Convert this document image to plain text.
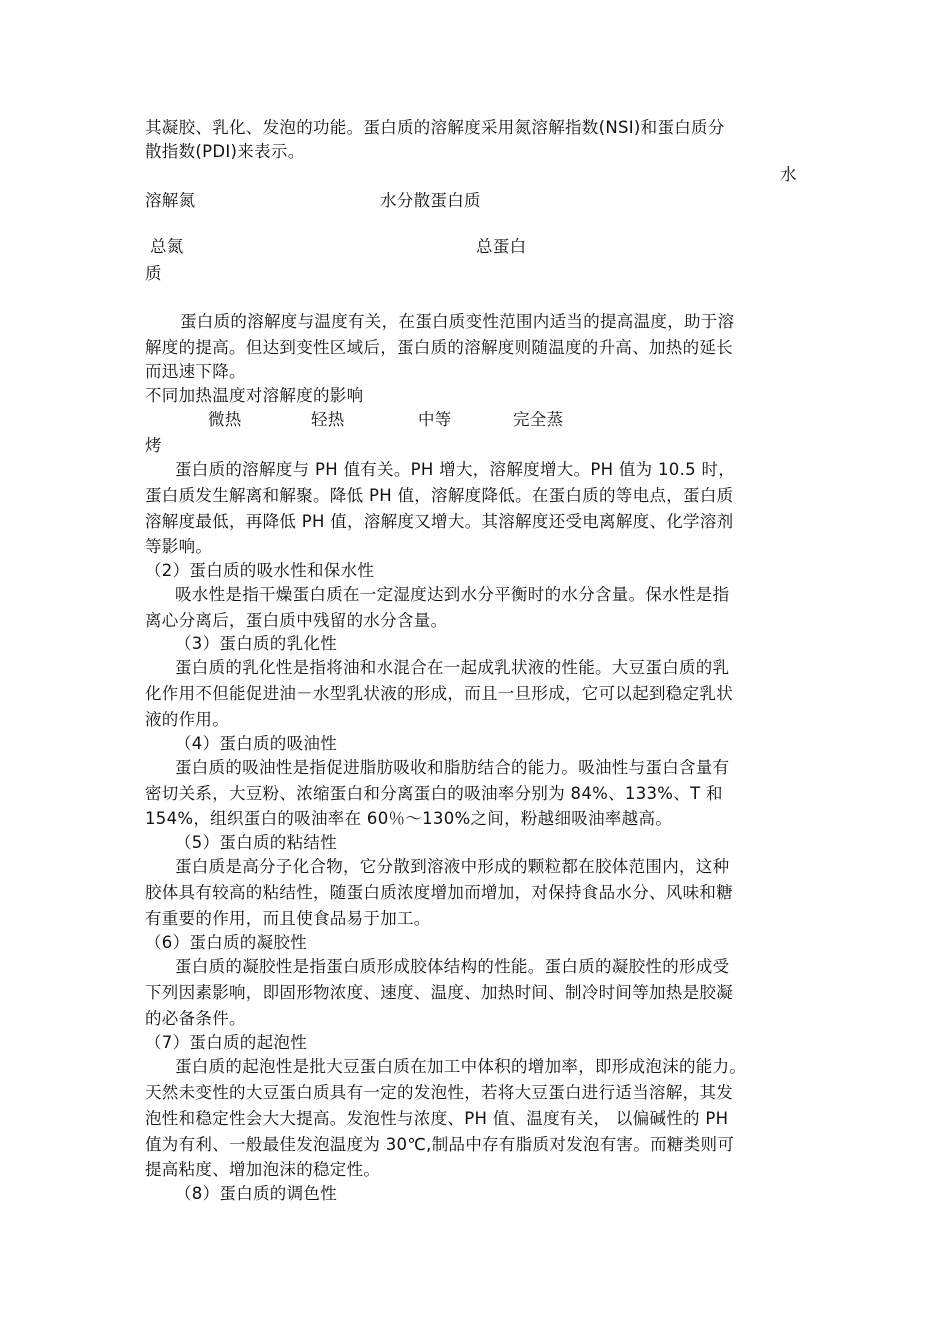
其凝胶、乳化、发泡的功能。蛋白质的溶解度采用氮溶解指数(NSI)和蛋白质分
散指数(PDI)来表示。
水
溶解氮	水分散蛋白质
总氮	总蛋白
质
蛋白质的溶解度与温度有关，在蛋白质变性范围内适当的提高温度，助于溶
解度的提高。但达到变性区域后，蛋白质的溶解度则随温度的升高、加热的延长
而迅速下降。
不同加热温度对溶解度的影响
微热	轻热	中等	完全蒸
烤
蛋白质的溶解度与 PH 值有关。PH 增大，溶解度增大。PH 值为 10.5 时，
蛋白质发生解离和解聚。降低 PH 值，溶解度降低。在蛋白质的等电点，蛋白质
溶解度最低，再降低 PH 值，溶解度又增大。其溶解度还受电离解度、化学溶剂
等影响。
（2）蛋白质的吸水性和保水性
吸水性是指干燥蛋白质在一定湿度达到水分平衡时的水分含量。保水性是指
离心分离后，蛋白质中残留的水分含量。
（3）蛋白质的乳化性
蛋白质的乳化性是指将油和水混合在一起成乳状液的性能。大豆蛋白质的乳
化作用不但能促进油－水型乳状液的形成，而且一旦形成，它可以起到稳定乳状
液的作用。
（4）蛋白质的吸油性
蛋白质的吸油性是指促进脂肪吸收和脂肪结合的能力。吸油性与蛋白含量有
密切关系，大豆粉、浓缩蛋白和分离蛋白的吸油率分别为 84%、133%、T 和
154%，组织蛋白的吸油率在 60％～130%之间，粉越细吸油率越高。
（5）蛋白质的粘结性
蛋白质是高分子化合物，它分散到溶液中形成的颗粒都在胶体范围内，这种
胶体具有较高的粘结性，随蛋白质浓度增加而增加，对保持食品水分、风味和糖
有重要的作用，而且使食品易于加工。
（6）蛋白质的凝胶性
蛋白质的凝胶性是指蛋白质形成胶体结构的性能。蛋白质的凝胶性的形成受
下列因素影响，即固形物浓度、速度、温度、加热时间、制冷时间等加热是胶凝
的必备条件。
（7）蛋白质的起泡性
蛋白质的起泡性是批大豆蛋白质在加工中体积的增加率，即形成泡沫的能力。
天然未变性的大豆蛋白质具有一定的发泡性，若将大豆蛋白进行适当溶解，其发
泡性和稳定性会大大提高。发泡性与浓度、PH 值、温度有关， 以偏碱性的 PH
值为有利、一般最佳发泡温度为 30℃,制品中存有脂质对发泡有害。而糖类则可
提高粘度、增加泡沫的稳定性。
（8）蛋白质的调色性
